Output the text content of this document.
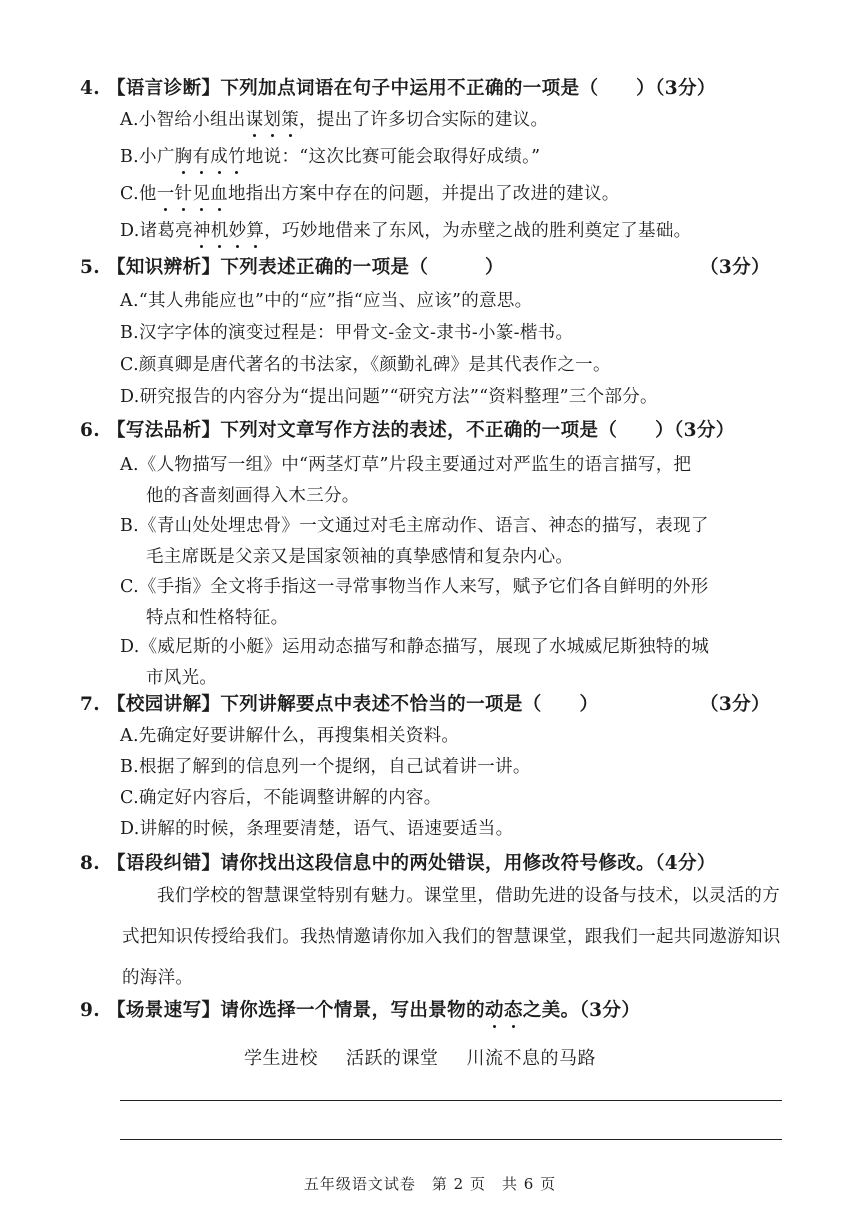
4. 【语言诊断】下列加点词语在句子中运用不正确的一项是（　　）（3分）
A.小智给小组出谋划策，提出了许多切合实际的建议。
B.小广胸有成竹地说：“这次比赛可能会取得好成绩。”
C.他一针见血地指出方案中存在的问题，并提出了改进的建议。
D.诸葛亮神机妙算，巧妙地借来了东风，为赤壁之战的胜利奠定了基础。
5. 【知识辨析】下列表述正确的一项是（　　　）	（3分）
A.“其人弗能应也”中的“应”指“应当、应该”的意思。
B.汉字字体的演变过程是：甲骨文-金文-隶书-小篆-楷书。
C.颜真卿是唐代著名的书法家，《颜勤礼碑》是其代表作之一。
D.研究报告的内容分为“提出问题”“研究方法”“资料整理”三个部分。
6. 【写法品析】下列对文章写作方法的表述，不正确的一项是（　　）（3分）
A.《人物描写一组》中“两茎灯草”片段主要通过对严监生的语言描写，把
他的吝啬刻画得入木三分。
B.《青山处处埋忠骨》一文通过对毛主席动作、语言、神态的描写，表现了
毛主席既是父亲又是国家领袖的真挚感情和复杂内心。
C.《手指》全文将手指这一寻常事物当作人来写，赋予它们各自鲜明的外形
特点和性格特征。
D.《威尼斯的小艇》运用动态描写和静态描写，展现了水城威尼斯独特的城
市风光。
7. 【校园讲解】下列讲解要点中表述不恰当的一项是（　　）	（3分）
A.先确定好要讲解什么，再搜集相关资料。
B.根据了解到的信息列一个提纲，自己试着讲一讲。
C.确定好内容后，不能调整讲解的内容。
D.讲解的时候，条理要清楚，语气、语速要适当。
8. 【语段纠错】请你找出这段信息中的两处错误，用修改符号修改。（4分）
我们学校的智慧课堂特别有魅力。课堂里，借助先进的设备与技术，以灵活的方式把知识传授给我们。我热情邀请你加入我们的智慧课堂，跟我们一起共同遨游知识的海洋。
9. 【场景速写】请你选择一个情景，写出景物的动态之美。（3分）
学生进校 活跃的课堂 川流不息的马路
五年级语文试卷　第 2 页　共 6 页
